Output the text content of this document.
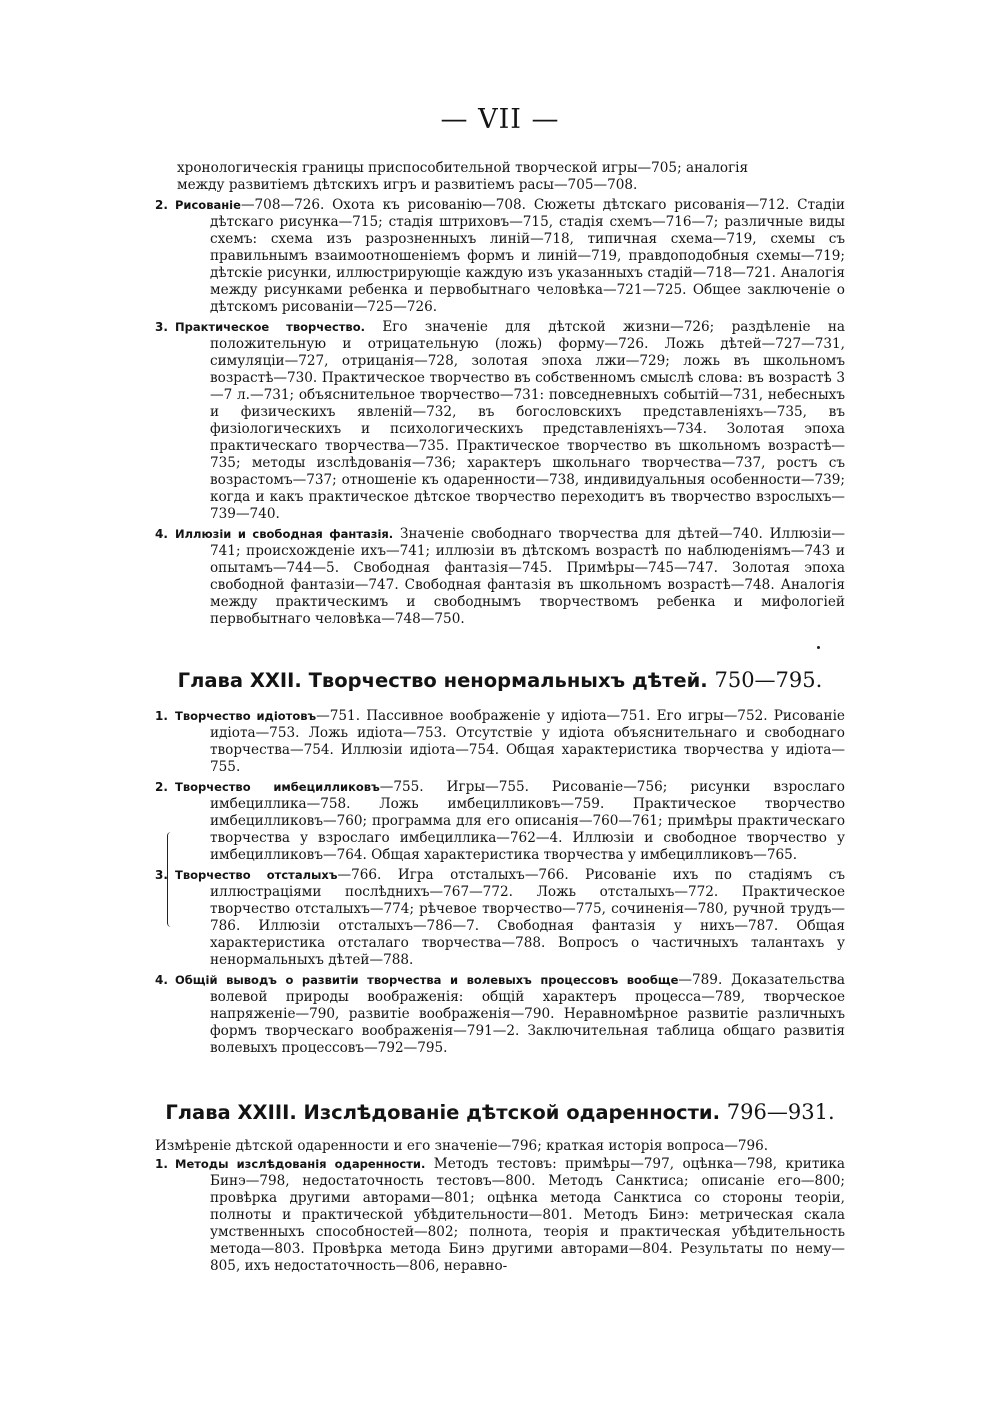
— VII —

хронологическія границы приспособительной творческой игры—705; аналогія

между развитіемъ дѣтскихъ игръ и развитіемъ расы—705—708.

2. Рисованіе—708—726. Охота къ рисованію—708. Сюжеты дѣтскаго рисованія—712. Стадіи дѣтскаго рисунка—715; стадія штриховъ—715, стадія схемъ—716—7; различные виды схемъ: схема изъ разрозненныхъ линій—718, типичная схема—719, схемы съ правильнымъ взаимоотношеніемъ формъ и линій—719, правдоподобныя схемы—719; дѣтскіе рисунки, иллюстрирующіе каждую изъ указанныхъ стадій—718—721. Аналогія между рисунками ребенка и первобытнаго человѣка—721—725. Общее заключеніе о дѣтскомъ рисованіи—725—726.

3. Практическое творчество. Его значеніе для дѣтской жизни—726; раздѣленіе на положительную и отрицательную (ложь) форму—726. Ложь дѣтей—727—731, симуляціи—727, отрицанія—728, золотая эпоха лжи—729; ложь въ школьномъ возрастѣ—730. Практическое творчество въ собственномъ смыслѣ слова: въ возрастѣ 3—7 л.—731; объяснительное творчество—731: повседневныхъ событій—731, небесныхъ и физическихъ явленій—732, въ богословскихъ представленіяхъ—735, въ физіологическихъ и психологическихъ представленіяхъ—734. Золотая эпоха практическаго творчества—735. Практическое творчество въ школьномъ возрастѣ—735; методы изслѣдованія—736; характеръ школьнаго творчества—737, ростъ съ возрастомъ—737; отношеніе къ одаренности—738, индивидуальныя особенности—739; когда и какъ практическое дѣтское творчество переходитъ въ творчество взрослыхъ—739—740.

4. Иллюзіи и свободная фантазія. Значеніе свободнаго творчества для дѣтей—740. Иллюзіи—741; происхожденіе ихъ—741; иллюзіи въ дѣтскомъ возрастѣ по наблюденіямъ—743 и опытамъ—744—5. Свободная фантазія—745. Примѣры—745—747. Золотая эпоха свободной фантазіи—747. Свободная фантазія въ школьномъ возрастѣ—748. Аналогія между практическимъ и свободнымъ творчествомъ ребенка и мифологіей первобытнаго человѣка—748—750.

Глава XXII. Творчество ненормальныхъ дѣтей. 750—795.

1. Творчество идіотовъ—751. Пассивное воображеніе у идіота—751. Его игры—752. Рисованіе идіота—753. Ложь идіота—753. Отсутствіе у идіота объяснительнаго и свободнаго творчества—754. Иллюзіи идіота—754. Общая характеристика творчества у идіота—755.

2. Творчество имбецилликовъ—755. Игры—755. Рисованіе—756; рисунки взрослаго имбециллика—758. Ложь имбецилликовъ—759. Практическое творчество имбецилликовъ—760; программа для его описанія—760—761; примѣры практическаго творчества у взрослаго имбециллика—762—4. Иллюзіи и свободное творчество у имбецилликовъ—764. Общая характеристика творчества у имбецилликовъ—765.

3. Творчество отсталыхъ—766. Игра отсталыхъ—766. Рисованіе ихъ по стадіямъ съ иллюстраціями послѣднихъ—767—772. Ложь отсталыхъ—772. Практическое творчество отсталыхъ—774; рѣчевое творчество—775, сочиненія—780, ручной трудъ—786. Иллюзіи отсталыхъ—786—7. Свободная фантазія у нихъ—787. Общая характеристика отсталаго творчества—788. Вопросъ о частичныхъ талантахъ у ненормальныхъ дѣтей—788.

4. Общій выводъ о развитіи творчества и волевыхъ процессовъ вообще—789. Доказательства волевой природы воображенія: общій характеръ процесса—789, творческое напряженіе—790, развитіе воображенія—790. Неравномѣрное развитіе различныхъ формъ творческаго воображенія—791—2. Заключительная таблица общаго развитія волевыхъ процессовъ—792—795.

Глава XXIII. Изслѣдованіе дѣтской одаренности. 796—931.

Измѣреніе дѣтской одаренности и его значеніе—796; краткая исторія вопроса—796.

1. Методы изслѣдованія одаренности. Методъ тестовъ: примѣры—797, оцѣнка—798, критика Бинэ—798, недостаточность тестовъ—800. Методъ Санктиса; описаніе его—800; провѣрка другими авторами—801; оцѣнка метода Санктиса со стороны теоріи, полноты и практической убѣдительности—801. Методъ Бинэ: метрическая скала умственныхъ способностей—802; полнота, теорія и практическая убѣдительность метода—803. Провѣрка метода Бинэ другими авторами—804. Результаты по нему—805, ихъ недостаточность—806, неравно-
